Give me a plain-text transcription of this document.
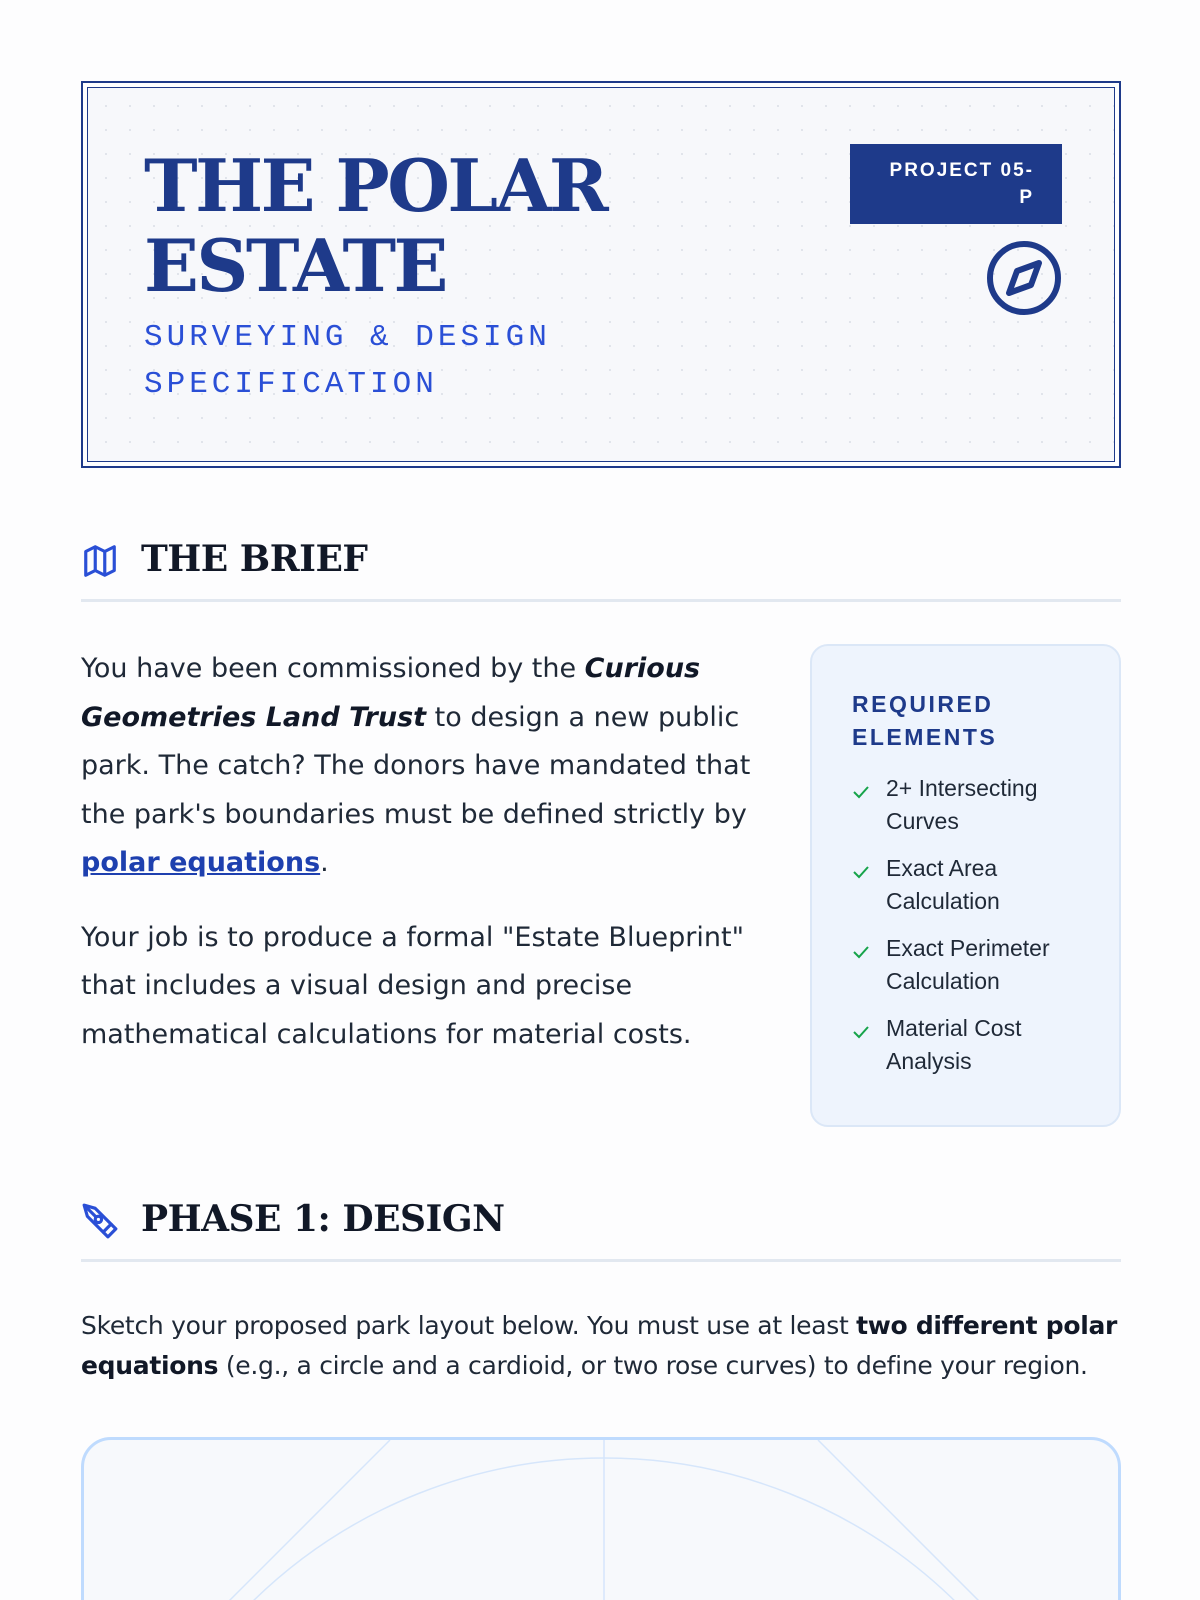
THE POLAR
ESTATE
SURVEYING & DESIGN
SPECIFICATION
PROJECT 05-
P
THE BRIEF

You have been commissioned by the Curious Geometries Land Trust to design a new public park. The catch? The donors have mandated that the park's boundaries must be defined strictly by polar equations.

Your job is to produce a formal "Estate Blueprint" that includes a visual design and precise mathematical calculations for material costs.

REQUIRED
ELEMENTS
2+ Intersecting Curves
Exact Area Calculation
Exact Perimeter Calculation
Material Cost Analysis
PHASE 1: DESIGN
Sketch your proposed park layout below. You must use at least two different polar equations (e.g., a circle and a cardioid, or two rose curves) to define your region.
